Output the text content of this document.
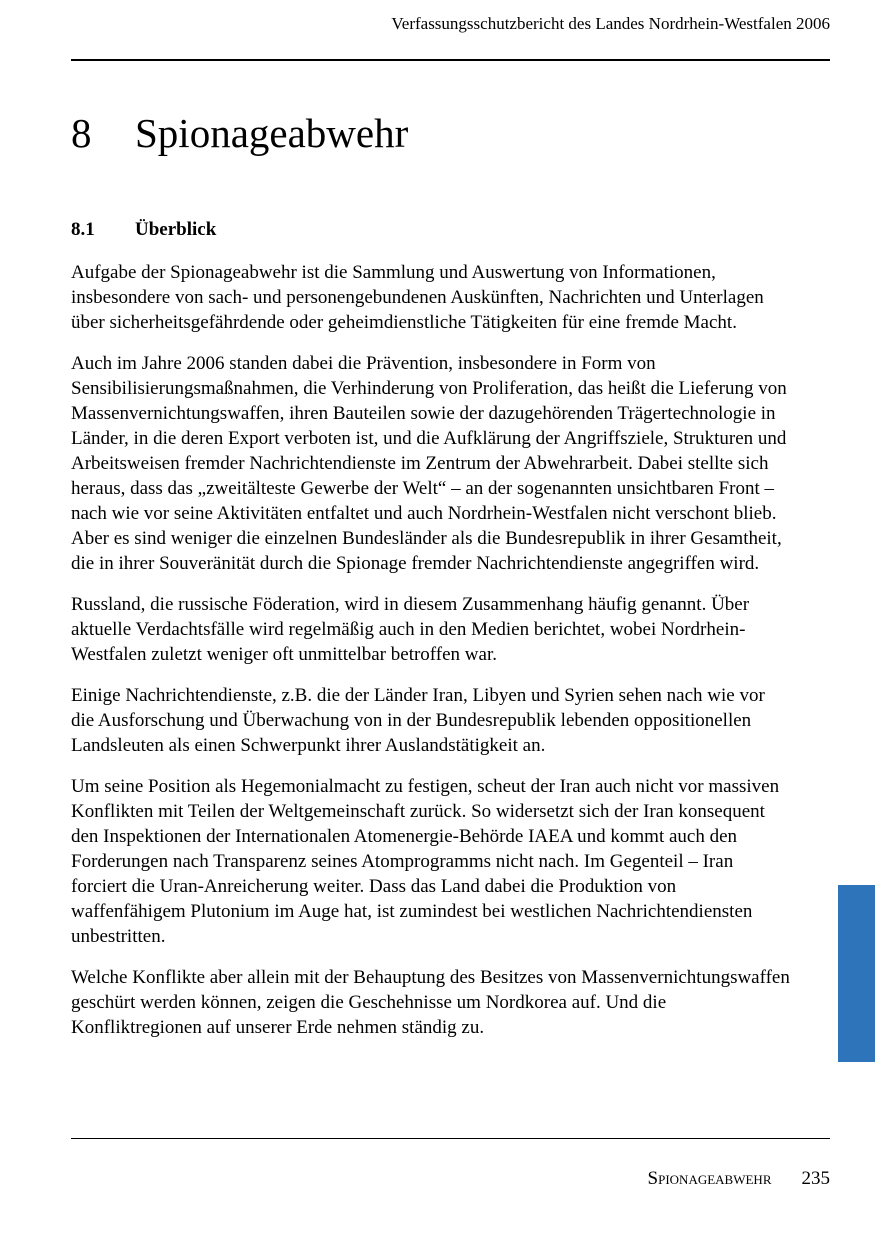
Verfassungsschutzbericht des Landes Nordrhein-Westfalen 2006
8 Spionageabwehr
8.1 Überblick

Aufgabe der Spionageabwehr ist die Sammlung und Auswertung von Informationen, insbesondere von sach- und personengebundenen Auskünften, Nachrichten und Unterlagen über sicherheitsgefährdende oder geheimdienstliche Tätigkeiten für eine fremde Macht.

Auch im Jahre 2006 standen dabei die Prävention, insbesondere in Form von Sensibilisierungsmaßnahmen, die Verhinderung von Proliferation, das heißt die Lieferung von Massenvernichtungswaffen, ihren Bauteilen sowie der dazugehörenden Trägertechnologie in Länder, in die deren Export verboten ist, und die Aufklärung der Angriffsziele, Strukturen und Arbeitsweisen fremder Nachrichtendienste im Zentrum der Abwehrarbeit. Dabei stellte sich heraus, dass das „zweitälteste Gewerbe der Welt“ – an der sogenannten unsichtbaren Front – nach wie vor seine Aktivitäten entfaltet und auch Nordrhein-Westfalen nicht verschont blieb. Aber es sind weniger die einzelnen Bundesländer als die Bundesrepublik in ihrer Gesamtheit, die in ihrer Souveränität durch die Spionage fremder Nachrichtendienste angegriffen wird.

Russland, die russische Föderation, wird in diesem Zusammenhang häufig genannt. Über aktuelle Verdachtsfälle wird regelmäßig auch in den Medien berichtet, wobei Nordrhein-Westfalen zuletzt weniger oft unmittelbar betroffen war.

Einige Nachrichtendienste, z.B. die der Länder Iran, Libyen und Syrien sehen nach wie vor die Ausforschung und Überwachung von in der Bundesrepublik lebenden oppositionellen Landsleuten als einen Schwerpunkt ihrer Auslandstätigkeit an.

Um seine Position als Hegemonialmacht zu festigen, scheut der Iran auch nicht vor massiven Konflikten mit Teilen der Weltgemeinschaft zurück. So widersetzt sich der Iran konsequent den Inspektionen der Internationalen Atomenergie-Behörde IAEA und kommt auch den Forderungen nach Transparenz seines Atomprogramms nicht nach. Im Gegenteil – Iran forciert die Uran-Anreicherung weiter. Dass das Land dabei die Produktion von waffenfähigem Plutonium im Auge hat, ist zumindest bei westlichen Nachrichtendiensten unbestritten.

Welche Konflikte aber allein mit der Behauptung des Besitzes von Massenvernichtungswaffen geschürt werden können, zeigen die Geschehnisse um Nordkorea auf. Und die Konfliktregionen auf unserer Erde nehmen ständig zu.

Spionageabwehr 235
